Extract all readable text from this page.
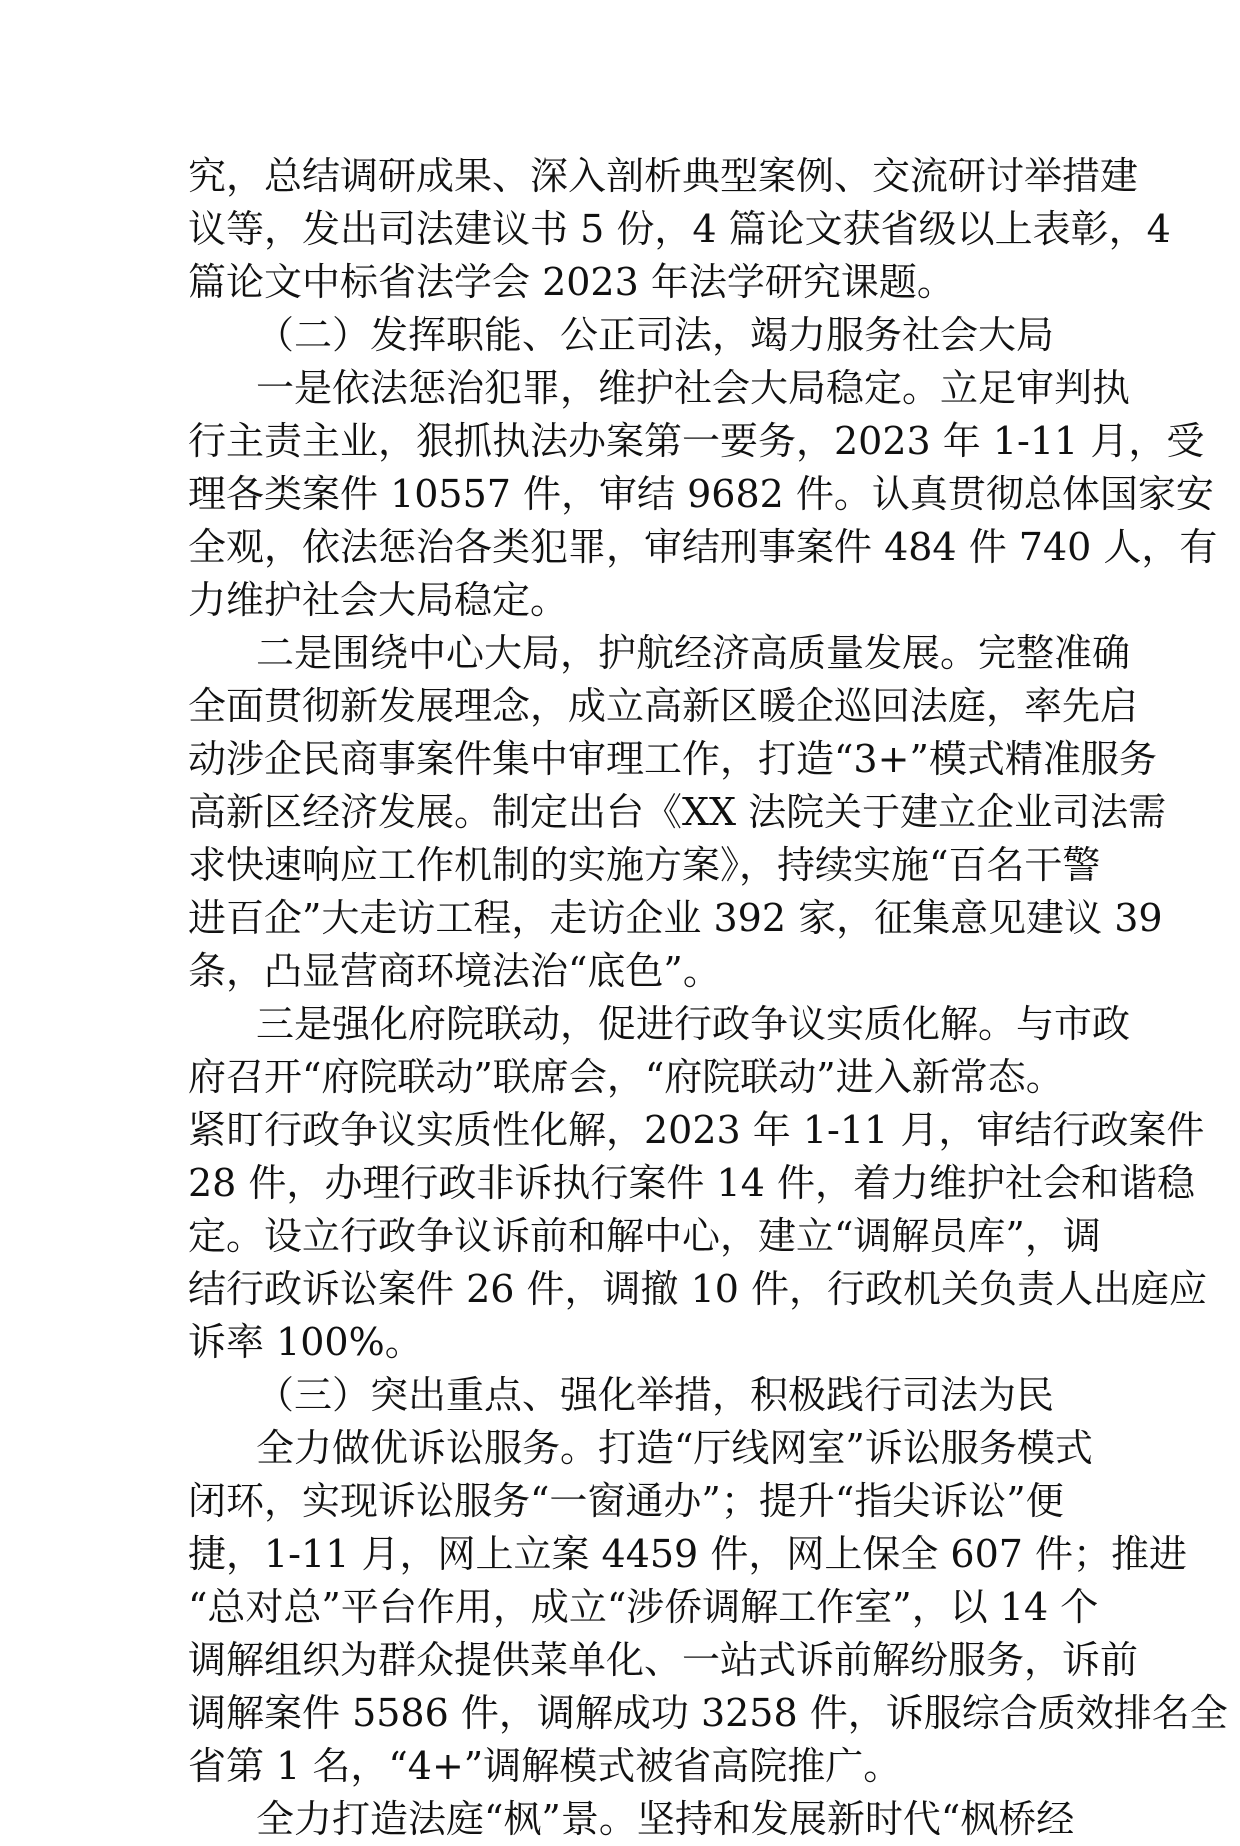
究，总结调研成果、深入剖析典型案例、交流研讨举措建
议等，发出司法建议书 5 份，4 篇论文获省级以上表彰，4
篇论文中标省法学会 2023 年法学研究课题。
（二）发挥职能、公正司法，竭力服务社会大局
一是依法惩治犯罪，维护社会大局稳定。立足审判执
行主责主业，狠抓执法办案第一要务，2023 年 1-11 月，受
理各类案件 10557 件，审结 9682 件。认真贯彻总体国家安
全观，依法惩治各类犯罪，审结刑事案件 484 件 740 人，有
力维护社会大局稳定。
二是围绕中心大局，护航经济高质量发展。完整准确
全面贯彻新发展理念，成立高新区暖企巡回法庭，率先启
动涉企民商事案件集中审理工作，打造“3+”模式精准服务
高新区经济发展。制定出台《XX 法院关于建立企业司法需
求快速响应工作机制的实施方案》，持续实施“百名干警
进百企”大走访工程，走访企业 392 家，征集意见建议 39
条，凸显营商环境法治“底色”。
三是强化府院联动，促进行政争议实质化解。与市政
府召开“府院联动”联席会，“府院联动”进入新常态。
紧盯行政争议实质性化解，2023 年 1-11 月，审结行政案件
28 件，办理行政非诉执行案件 14 件，着力维护社会和谐稳
定。设立行政争议诉前和解中心，建立“调解员库”，调
结行政诉讼案件 26 件，调撤 10 件，行政机关负责人出庭应
诉率 100%。
（三）突出重点、强化举措，积极践行司法为民
全力做优诉讼服务。打造“厅线网室”诉讼服务模式
闭环，实现诉讼服务“一窗通办”；提升“指尖诉讼”便
捷，1-11 月，网上立案 4459 件，网上保全 607 件；推进
“总对总”平台作用，成立“涉侨调解工作室”，以 14 个
调解组织为群众提供菜单化、一站式诉前解纷服务，诉前
调解案件 5586 件，调解成功 3258 件，诉服综合质效排名全
省第 1 名，“4+”调解模式被省高院推广。
全力打造法庭“枫”景。坚持和发展新时代“枫桥经
